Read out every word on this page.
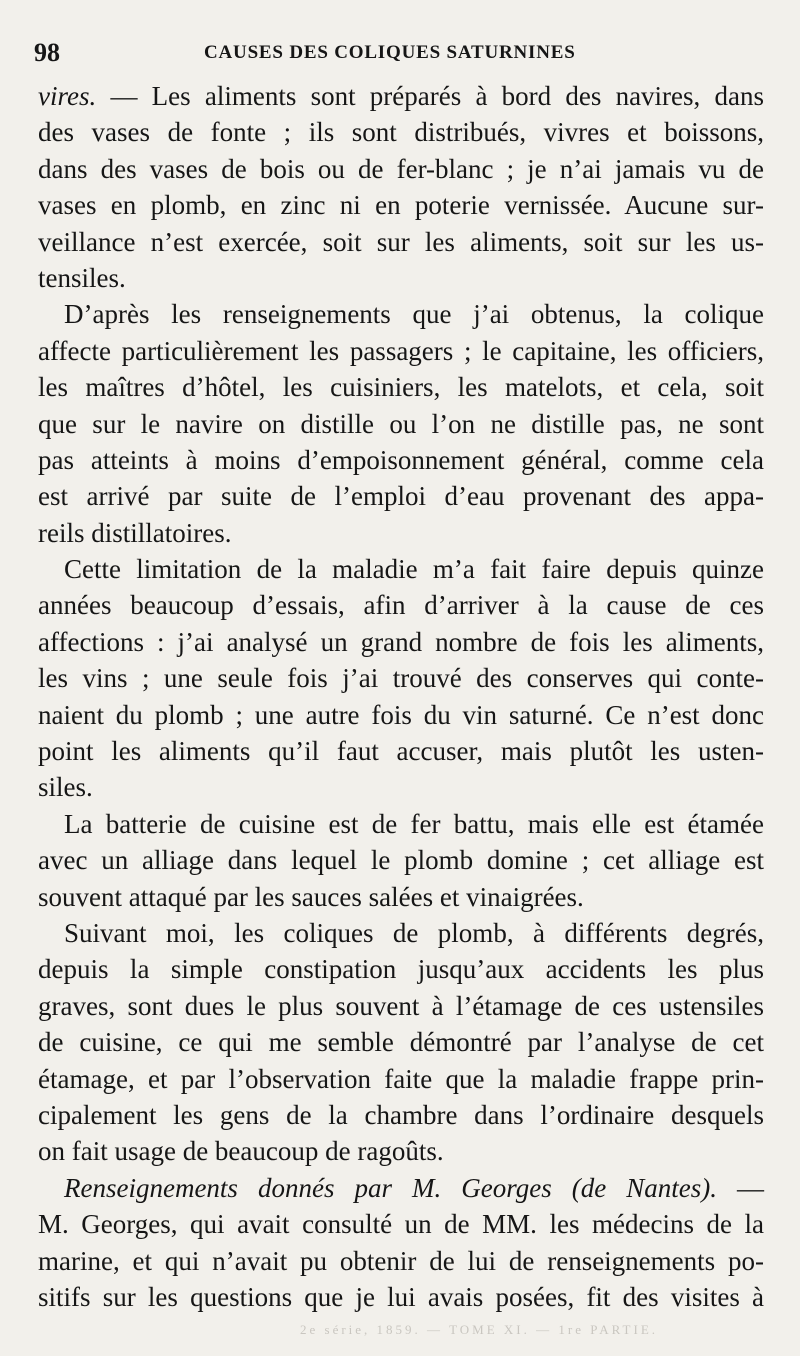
98	CAUSES DES COLIQUES SATURNINES
vires. — Les aliments sont préparés à bord des navires, dans
des vases de fonte ; ils sont distribués, vivres et boissons,
dans des vases de bois ou de fer-blanc ; je n’ai jamais vu de
vases en plomb, en zinc ni en poterie vernissée. Aucune sur-
veillance n’est exercée, soit sur les aliments, soit sur les us-
tensiles.
D’après les renseignements que j’ai obtenus, la colique
affecte particulièrement les passagers ; le capitaine, les officiers,
les maîtres d’hôtel, les cuisiniers, les matelots, et cela, soit
que sur le navire on distille ou l’on ne distille pas, ne sont
pas atteints à moins d’empoisonnement général, comme cela
est arrivé par suite de l’emploi d’eau provenant des appa-
reils distillatoires.
Cette limitation de la maladie m’a fait faire depuis quinze
années beaucoup d’essais, afin d’arriver à la cause de ces
affections : j’ai analysé un grand nombre de fois les aliments,
les vins ; une seule fois j’ai trouvé des conserves qui conte-
naient du plomb ; une autre fois du vin saturné. Ce n’est donc
point les aliments qu’il faut accuser, mais plutôt les usten-
siles.
La batterie de cuisine est de fer battu, mais elle est étamée
avec un alliage dans lequel le plomb domine ; cet alliage est
souvent attaqué par les sauces salées et vinaigrées.
Suivant moi, les coliques de plomb, à différents degrés,
depuis la simple constipation jusqu’aux accidents les plus
graves, sont dues le plus souvent à l’étamage de ces ustensiles
de cuisine, ce qui me semble démontré par l’analyse de cet
étamage, et par l’observation faite que la maladie frappe prin-
cipalement les gens de la chambre dans l’ordinaire desquels
on fait usage de beaucoup de ragoûts.
Renseignements donnés par M. Georges (de Nantes). —
M. Georges, qui avait consulté un de MM. les médecins de la
marine, et qui n’avait pu obtenir de lui de renseignements po-
sitifs sur les questions que je lui avais posées, fit des visites à
2e série, 1859. — TOME XI. — 1re PARTIE.
